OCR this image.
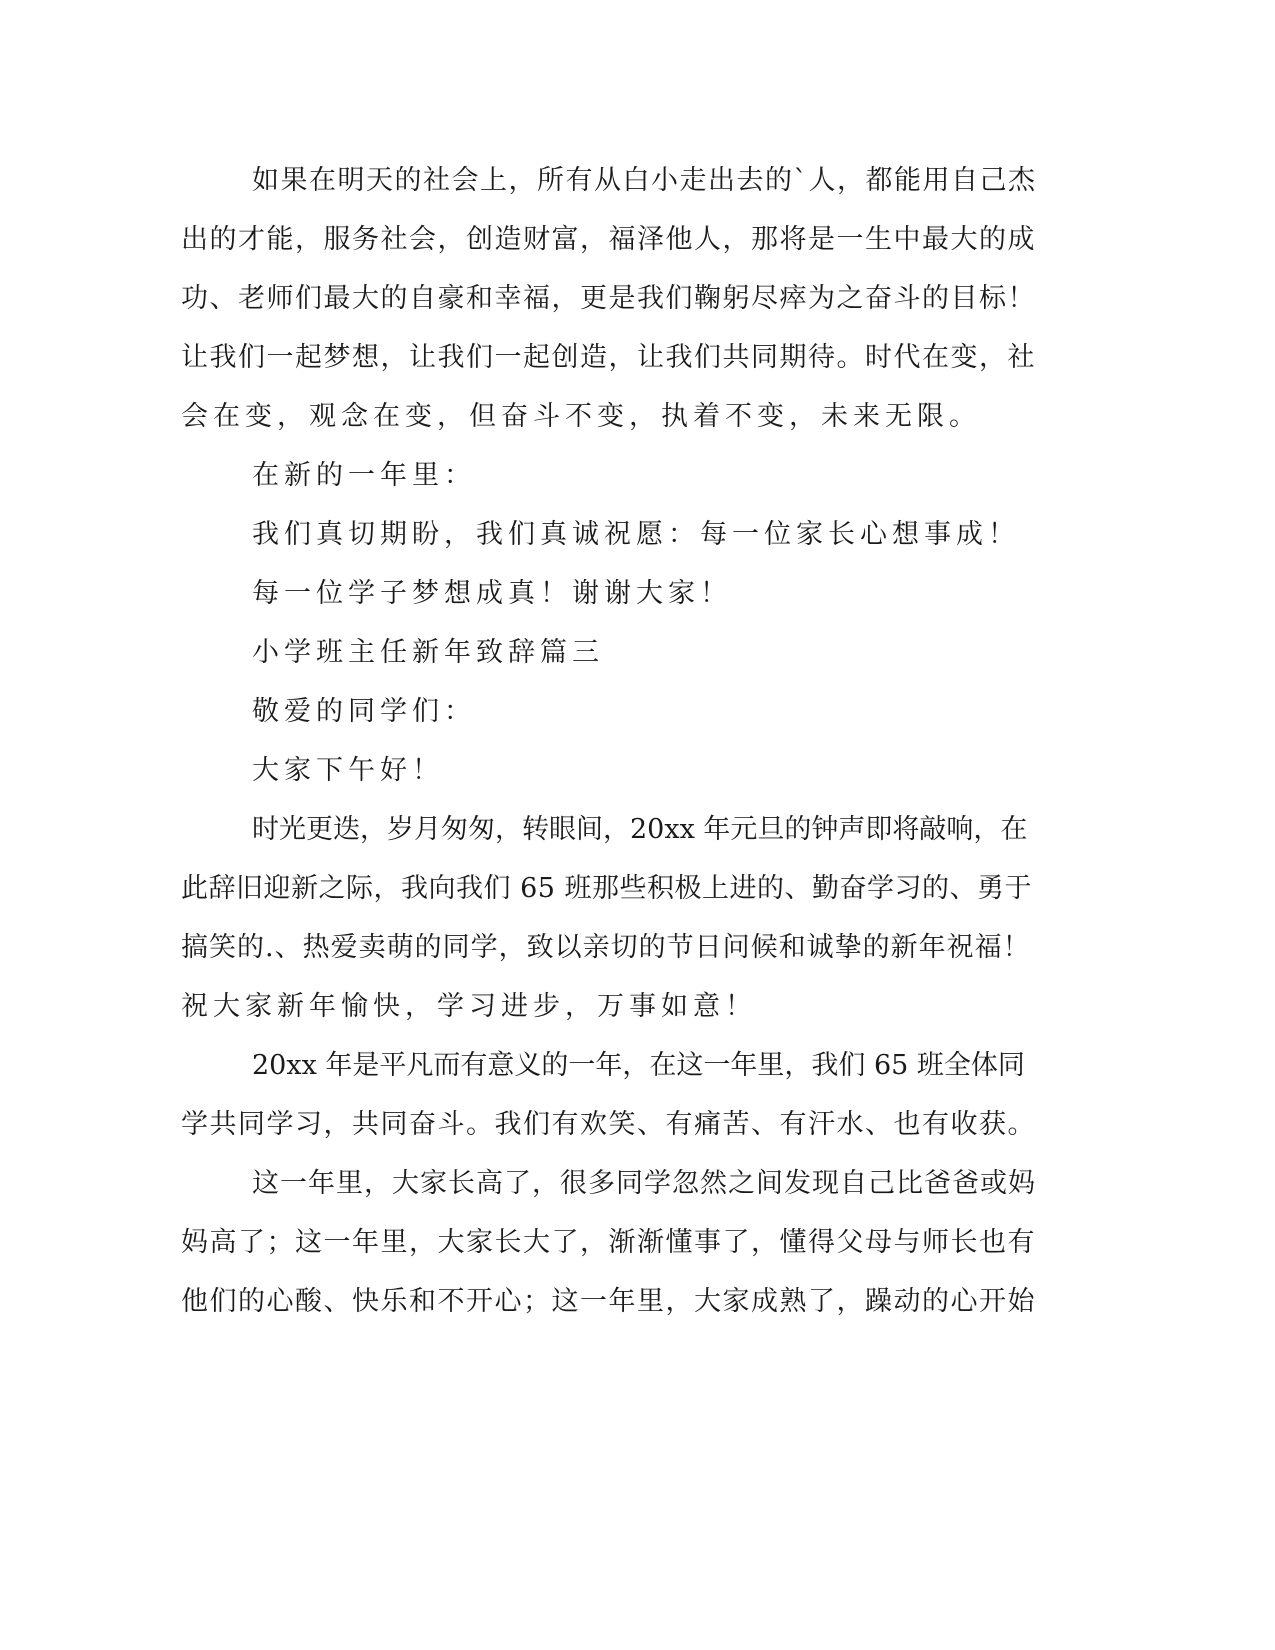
如果在明天的社会上，所有从白小走出去的`人，都能用自己杰

出的才能，服务社会，创造财富，福泽他人，那将是一生中最大的成

功、老师们最大的自豪和幸福，更是我们鞠躬尽瘁为之奋斗的目标！

让我们一起梦想，让我们一起创造，让我们共同期待。时代在变，社

会在变，观念在变，但奋斗不变，执着不变，未来无限。

在新的一年里：

我们真切期盼，我们真诚祝愿：每一位家长心想事成！

每一位学子梦想成真！谢谢大家！

小学班主任新年致辞篇三

敬爱的同学们：

大家下午好！

时光更迭，岁月匆匆，转眼间，20xx 年元旦的钟声即将敲响，在

此辞旧迎新之际，我向我们 65 班那些积极上进的、勤奋学习的、勇于

搞笑的.、热爱卖萌的同学，致以亲切的节日问候和诚挚的新年祝福！

祝大家新年愉快，学习进步，万事如意！

20xx 年是平凡而有意义的一年，在这一年里，我们 65 班全体同

学共同学习，共同奋斗。我们有欢笑、有痛苦、有汗水、也有收获。

这一年里，大家长高了，很多同学忽然之间发现自己比爸爸或妈

妈高了；这一年里，大家长大了，渐渐懂事了，懂得父母与师长也有

他们的心酸、快乐和不开心；这一年里，大家成熟了，躁动的心开始
